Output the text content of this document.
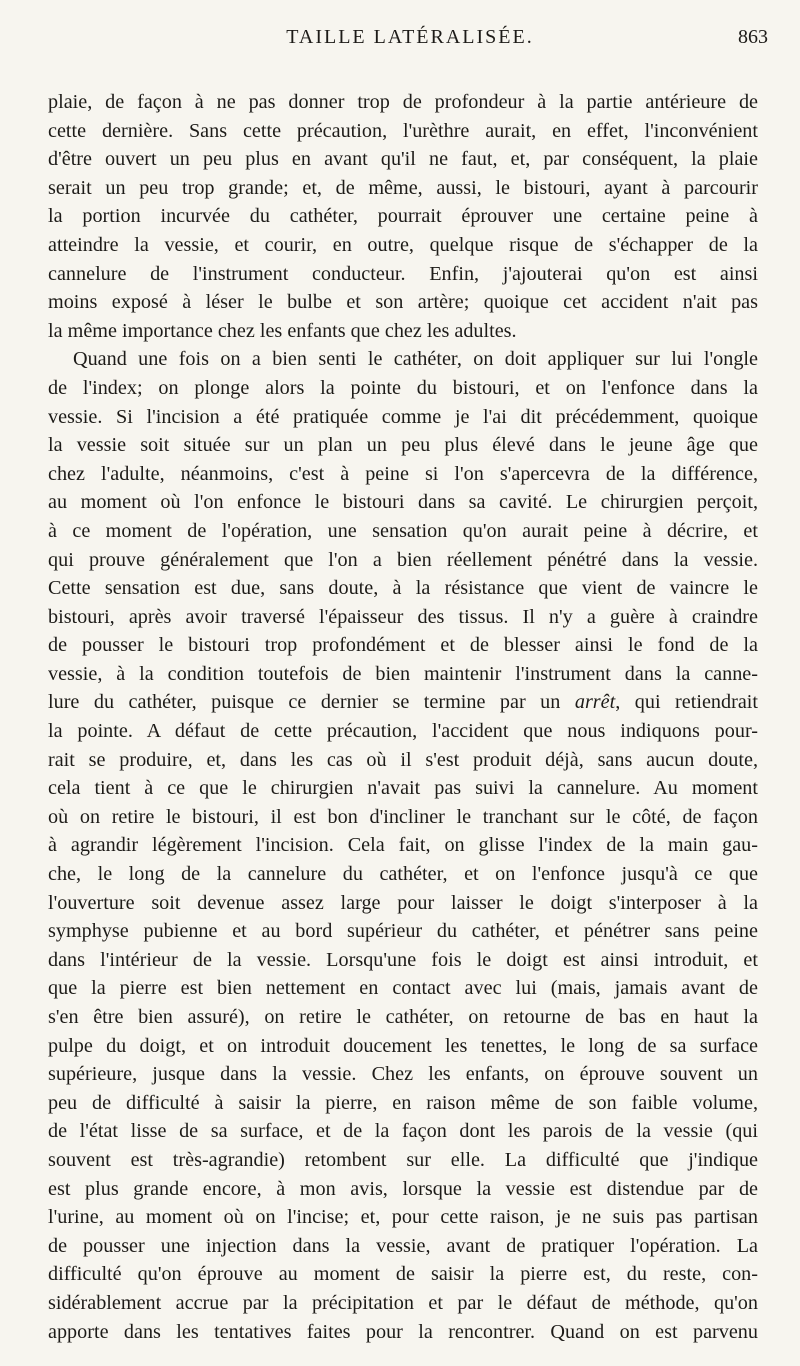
TAILLE LATÉRALISÉE.	863
plaie, de façon à ne pas donner trop de profondeur à la partie antérieure de
cette dernière. Sans cette précaution, l'urèthre aurait, en effet, l'inconvénient
d'être ouvert un peu plus en avant qu'il ne faut, et, par conséquent, la plaie
serait un peu trop grande; et, de même, aussi, le bistouri, ayant à parcourir
la portion incurvée du cathéter, pourrait éprouver une certaine peine à
atteindre la vessie, et courir, en outre, quelque risque de s'échapper de la
cannelure de l'instrument conducteur. Enfin, j'ajouterai qu'on est ainsi
moins exposé à léser le bulbe et son artère; quoique cet accident n'ait pas
la même importance chez les enfants que chez les adultes.
Quand une fois on a bien senti le cathéter, on doit appliquer sur lui l'ongle
de l'index; on plonge alors la pointe du bistouri, et on l'enfonce dans la
vessie. Si l'incision a été pratiquée comme je l'ai dit précédemment, quoique
la vessie soit située sur un plan un peu plus élevé dans le jeune âge que
chez l'adulte, néanmoins, c'est à peine si l'on s'apercevra de la différence,
au moment où l'on enfonce le bistouri dans sa cavité. Le chirurgien perçoit,
à ce moment de l'opération, une sensation qu'on aurait peine à décrire, et
qui prouve généralement que l'on a bien réellement pénétré dans la vessie.
Cette sensation est due, sans doute, à la résistance que vient de vaincre le
bistouri, après avoir traversé l'épaisseur des tissus. Il n'y a guère à craindre
de pousser le bistouri trop profondément et de blesser ainsi le fond de la
vessie, à la condition toutefois de bien maintenir l'instrument dans la canne-
lure du cathéter, puisque ce dernier se termine par un arrêt, qui retiendrait
la pointe. A défaut de cette précaution, l'accident que nous indiquons pour-
rait se produire, et, dans les cas où il s'est produit déjà, sans aucun doute,
cela tient à ce que le chirurgien n'avait pas suivi la cannelure. Au moment
où on retire le bistouri, il est bon d'incliner le tranchant sur le côté, de façon
à agrandir légèrement l'incision. Cela fait, on glisse l'index de la main gau-
che, le long de la cannelure du cathéter, et on l'enfonce jusqu'à ce que
l'ouverture soit devenue assez large pour laisser le doigt s'interposer à la
symphyse pubienne et au bord supérieur du cathéter, et pénétrer sans peine
dans l'intérieur de la vessie. Lorsqu'une fois le doigt est ainsi introduit, et
que la pierre est bien nettement en contact avec lui (mais, jamais avant de
s'en être bien assuré), on retire le cathéter, on retourne de bas en haut la
pulpe du doigt, et on introduit doucement les tenettes, le long de sa surface
supérieure, jusque dans la vessie. Chez les enfants, on éprouve souvent un
peu de difficulté à saisir la pierre, en raison même de son faible volume,
de l'état lisse de sa surface, et de la façon dont les parois de la vessie (qui
souvent est très-agrandie) retombent sur elle. La difficulté que j'indique
est plus grande encore, à mon avis, lorsque la vessie est distendue par de
l'urine, au moment où on l'incise; et, pour cette raison, je ne suis pas partisan
de pousser une injection dans la vessie, avant de pratiquer l'opération. La
difficulté qu'on éprouve au moment de saisir la pierre est, du reste, con-
sidérablement accrue par la précipitation et par le défaut de méthode, qu'on
apporte dans les tentatives faites pour la rencontrer. Quand on est parvenu
